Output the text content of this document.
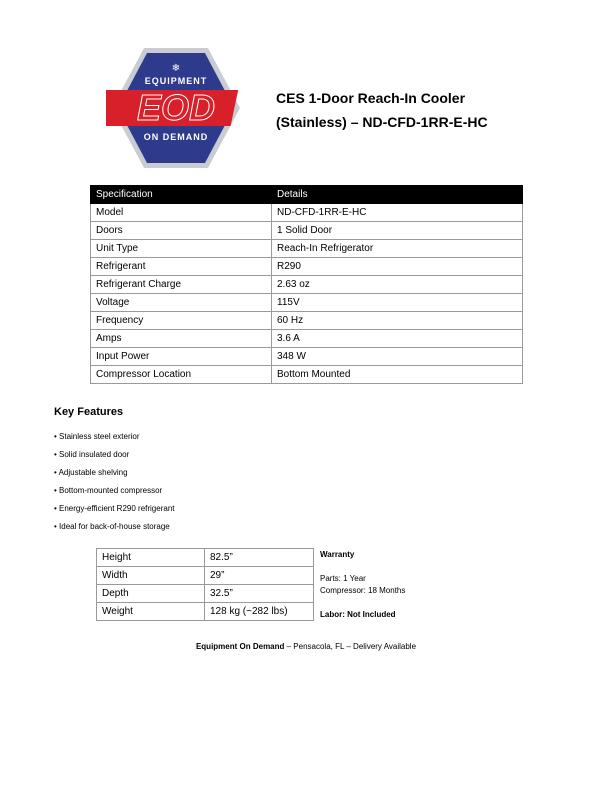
EQUIPMENT
❄
EOD
ON DEMAND
CES 1-Door Reach-In Cooler
(Stainless) – ND-CFD-1RR-E-HC
Specification	Details
Model	ND-CFD-1RR-E-HC
Doors	1 Solid Door
Unit Type	Reach-In Refrigerator
Refrigerant	R290
Refrigerant Charge	2.63 oz
Voltage	115V
Frequency	60 Hz
Amps	3.6 A
Input Power	348 W
Compressor Location	Bottom Mounted
Key Features
• Stainless steel exterior
• Solid insulated door
• Adjustable shelving
• Bottom-mounted compressor
• Energy-efficient R290 refrigerant
• Ideal for back-of-house storage
Height	82.5”
Width	29”
Depth	32.5”
Weight	128 kg (~282 lbs)
Warranty
Parts: 1 Year
Compressor: 18 Months
Labor: Not Included
Equipment On Demand – Pensacola, FL – Delivery Available
